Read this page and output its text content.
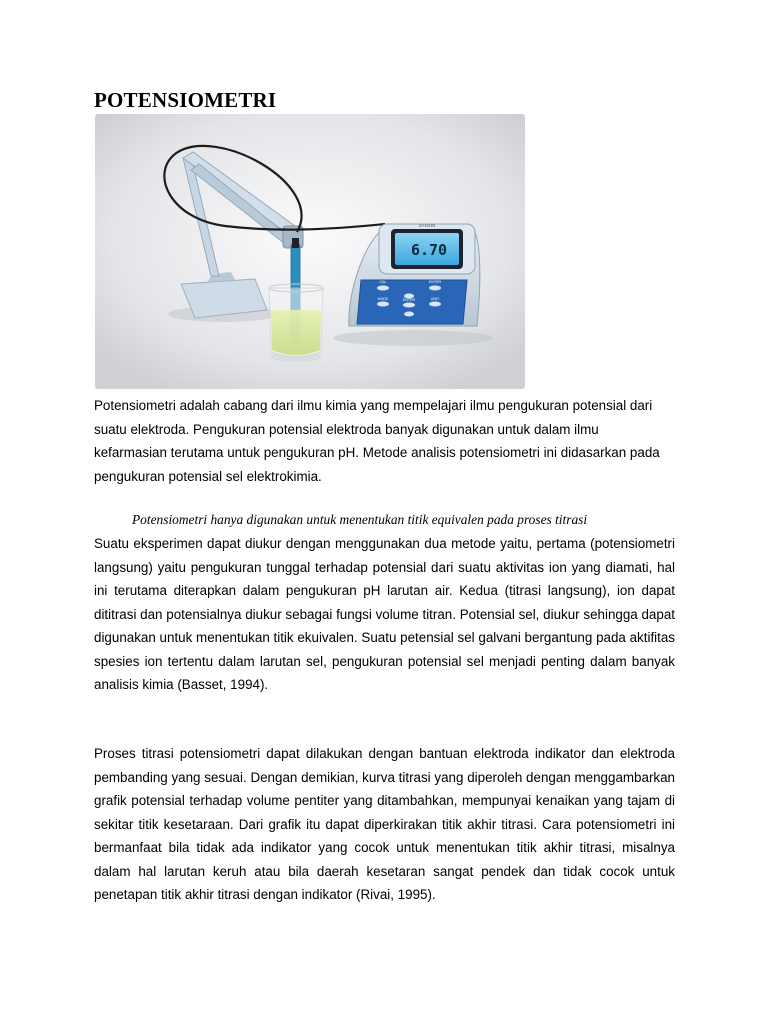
POTENSIOMETRI
6.70
SANXIN
CAL	ENTER
MODE	ENTER	UNIT

Potensiometri adalah cabang dari ilmu kimia yang mempelajari ilmu pengukuran potensial dari suatu elektroda. Pengukuran potensial elektroda banyak digunakan untuk dalam ilmu kefarmasian terutama untuk pengukuran pH. Metode analisis potensiometri ini didasarkan pada pengukuran potensial sel elektrokimia.

Potensiometri hanya digunakan untuk menentukan titik equivalen pada proses titrasi

Suatu eksperimen dapat diukur dengan menggunakan dua metode yaitu, pertama (potensiometri langsung) yaitu pengukuran tunggal terhadap potensial dari suatu aktivitas ion yang diamati, hal ini terutama diterapkan dalam pengukuran pH larutan air. Kedua (titrasi langsung), ion dapat dititrasi dan potensialnya diukur sebagai fungsi volume titran. Potensial sel, diukur sehingga dapat digunakan untuk menentukan titik ekuivalen. Suatu petensial sel galvani bergantung pada aktifitas spesies ion tertentu dalam larutan sel, pengukuran potensial sel menjadi penting dalam banyak analisis kimia (Basset, 1994).

Proses titrasi potensiometri dapat dilakukan dengan bantuan elektroda indikator dan elektroda pembanding yang sesuai. Dengan demikian, kurva titrasi yang diperoleh dengan menggambarkan grafik potensial terhadap volume pentiter yang ditambahkan, mempunyai kenaikan yang tajam di sekitar titik kesetaraan. Dari grafik itu dapat diperkirakan titik akhir titrasi. Cara potensiometri ini bermanfaat bila tidak ada indikator yang cocok untuk menentukan titik akhir titrasi, misalnya dalam hal larutan keruh atau bila daerah kesetaran sangat pendek dan tidak cocok untuk penetapan titik akhir titrasi dengan indikator (Rivai, 1995).
